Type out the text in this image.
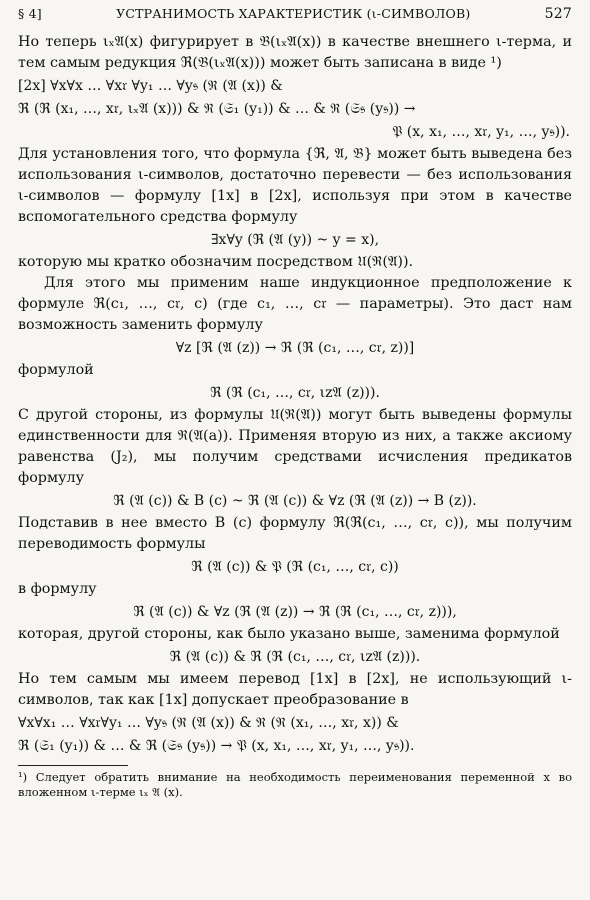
§ 4]	УСТРАНИМОСТЬ ХАРАКТЕРИСТИК (ι-СИМВОЛОВ)	527

Но теперь ιₓ𝔄(x) фигурирует в 𝔅(ιₓ𝔄(x)) в качестве внешнего ι-терма, и тем самым редукция ℜ(𝔅(ιₓ𝔄(x))) может быть записана в виде ¹)

[2x] ∀x∀x … ∀x𝔯 ∀y₁ … ∀y𝔰 (ℜ (𝔄 (x)) &
ℜ (ℜ (x₁, …, x𝔯, ιₓ𝔄 (x))) & ℜ (𝔖₁ (y₁)) & … & ℜ (𝔖𝔰 (y𝔰)) →
𝔓 (x, x₁, …, x𝔯, y₁, …, y𝔰)).

Для установления того, что формула {ℜ, 𝔄, 𝔅} может быть выведена без использования ι-символов, достаточно перевести — без использования ι-символов — формулу [1x] в [2x], используя при этом в качестве вспомогательного средства формулу

∃x∀y (ℜ (𝔄 (y)) ~ y = x),

которую мы кратко обозначим посредством 𝔘(ℜ(𝔄)).

Для этого мы применим наше индукционное предположение к формуле ℜ(c₁, …, c𝔯, c) (где c₁, …, c𝔯 — параметры). Это даст нам возможность заменить формулу

∀z [ℜ (𝔄 (z)) → ℜ (ℜ (c₁, …, c𝔯, z))]

формулой

ℜ (ℜ (c₁, …, c𝔯, ιz𝔄 (z))).

С другой стороны, из формулы 𝔘(ℜ(𝔄)) могут быть выведены формулы единственности для ℜ(𝔄(a)). Применяя вторую из них, а также аксиому равенства (J₂), мы получим средствами исчисления предикатов формулу

ℜ (𝔄 (c)) & B (c) ~ ℜ (𝔄 (c)) & ∀z (ℜ (𝔄 (z)) → B (z)).

Подставив в нее вместо B (c) формулу ℜ(ℜ(c₁, …, c𝔯, c)), мы получим переводимость формулы

ℜ (𝔄 (c)) & 𝔓 (ℜ (c₁, …, c𝔯, c))

в формулу

ℜ (𝔄 (c)) & ∀z (ℜ (𝔄 (z)) → ℜ (ℜ (c₁, …, c𝔯, z))),

которая, другой стороны, как было указано выше, заменима формулой

ℜ (𝔄 (c)) & ℜ (ℜ (c₁, …, c𝔯, ιz𝔄 (z))).

Но тем самым мы имеем перевод [1x] в [2x], не использующий ι-символов, так как [1x] допускает преобразование в

∀x∀x₁ … ∀x𝔯∀y₁ … ∀y𝔰 (ℜ (𝔄 (x)) & ℜ (ℜ (x₁, …, x𝔯, x)) &
ℜ (𝔖₁ (y₁)) & … & ℜ (𝔖𝔰 (y𝔰)) → 𝔓 (x, x₁, …, x𝔯, y₁, …, y𝔰)).
¹) Следует обратить внимание на необходимость переименования переменной x во вложенном ι-терме ιₓ 𝔄 (x).
